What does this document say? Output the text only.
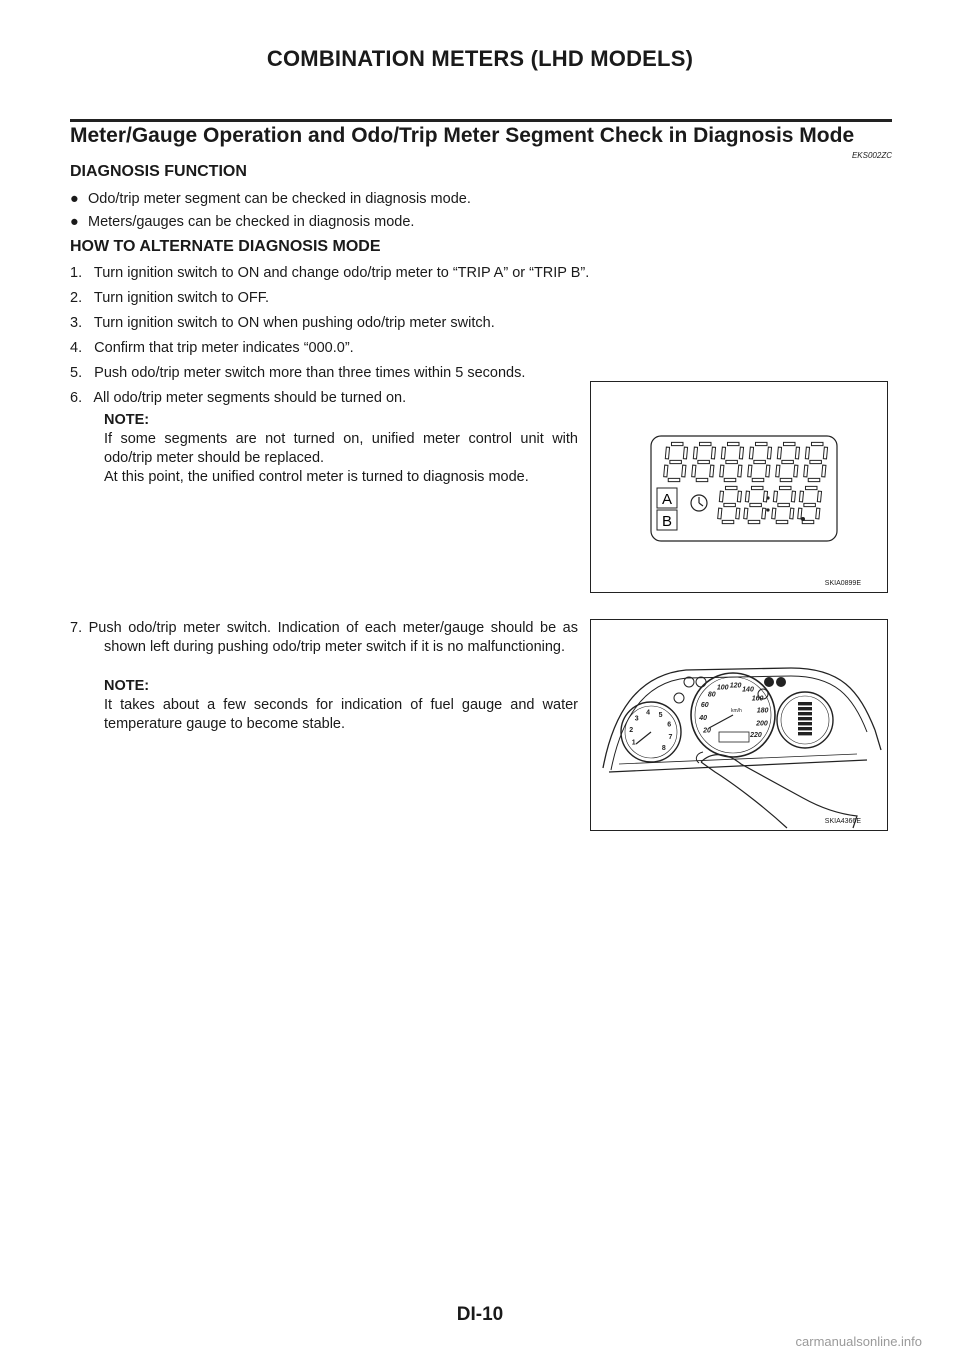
COMBINATION METERS (LHD MODELS)
Meter/Gauge Operation and Odo/Trip Meter Segment Check in Diagnosis Mode
EKS002ZC
DIAGNOSIS FUNCTION
● Odo/trip meter segment can be checked in diagnosis mode.
● Meters/gauges can be checked in diagnosis mode.
HOW TO ALTERNATE DIAGNOSIS MODE
1.   Turn ignition switch to ON and change odo/trip meter to “TRIP A” or “TRIP B”.
2.   Turn ignition switch to OFF.
3.   Turn ignition switch to ON when pushing odo/trip meter switch.
4.   Confirm that trip meter indicates “000.0”.
5.   Push odo/trip meter switch more than three times within 5 seconds.
6.   All odo/trip meter segments should be turned on.
NOTE:
If some segments are not turned on, unified meter control unit with odo/trip meter should be replaced.
At this point, the unified control meter is turned to diagnosis mode.
7. Push odo/trip meter switch. Indication of each meter/gauge should be as shown left during pushing odo/trip meter switch if it is no malfunctioning.
NOTE:
It takes about a few seconds for indication of fuel gauge and water temperature gauge to become stable.
A
B
SKIA0899E
1
2
3
4 5
6
7
8
20
40
60
80
100 120
140
160
180
200
220
km/h
SKIA4366E
DI-10
carmanualsonline.info
